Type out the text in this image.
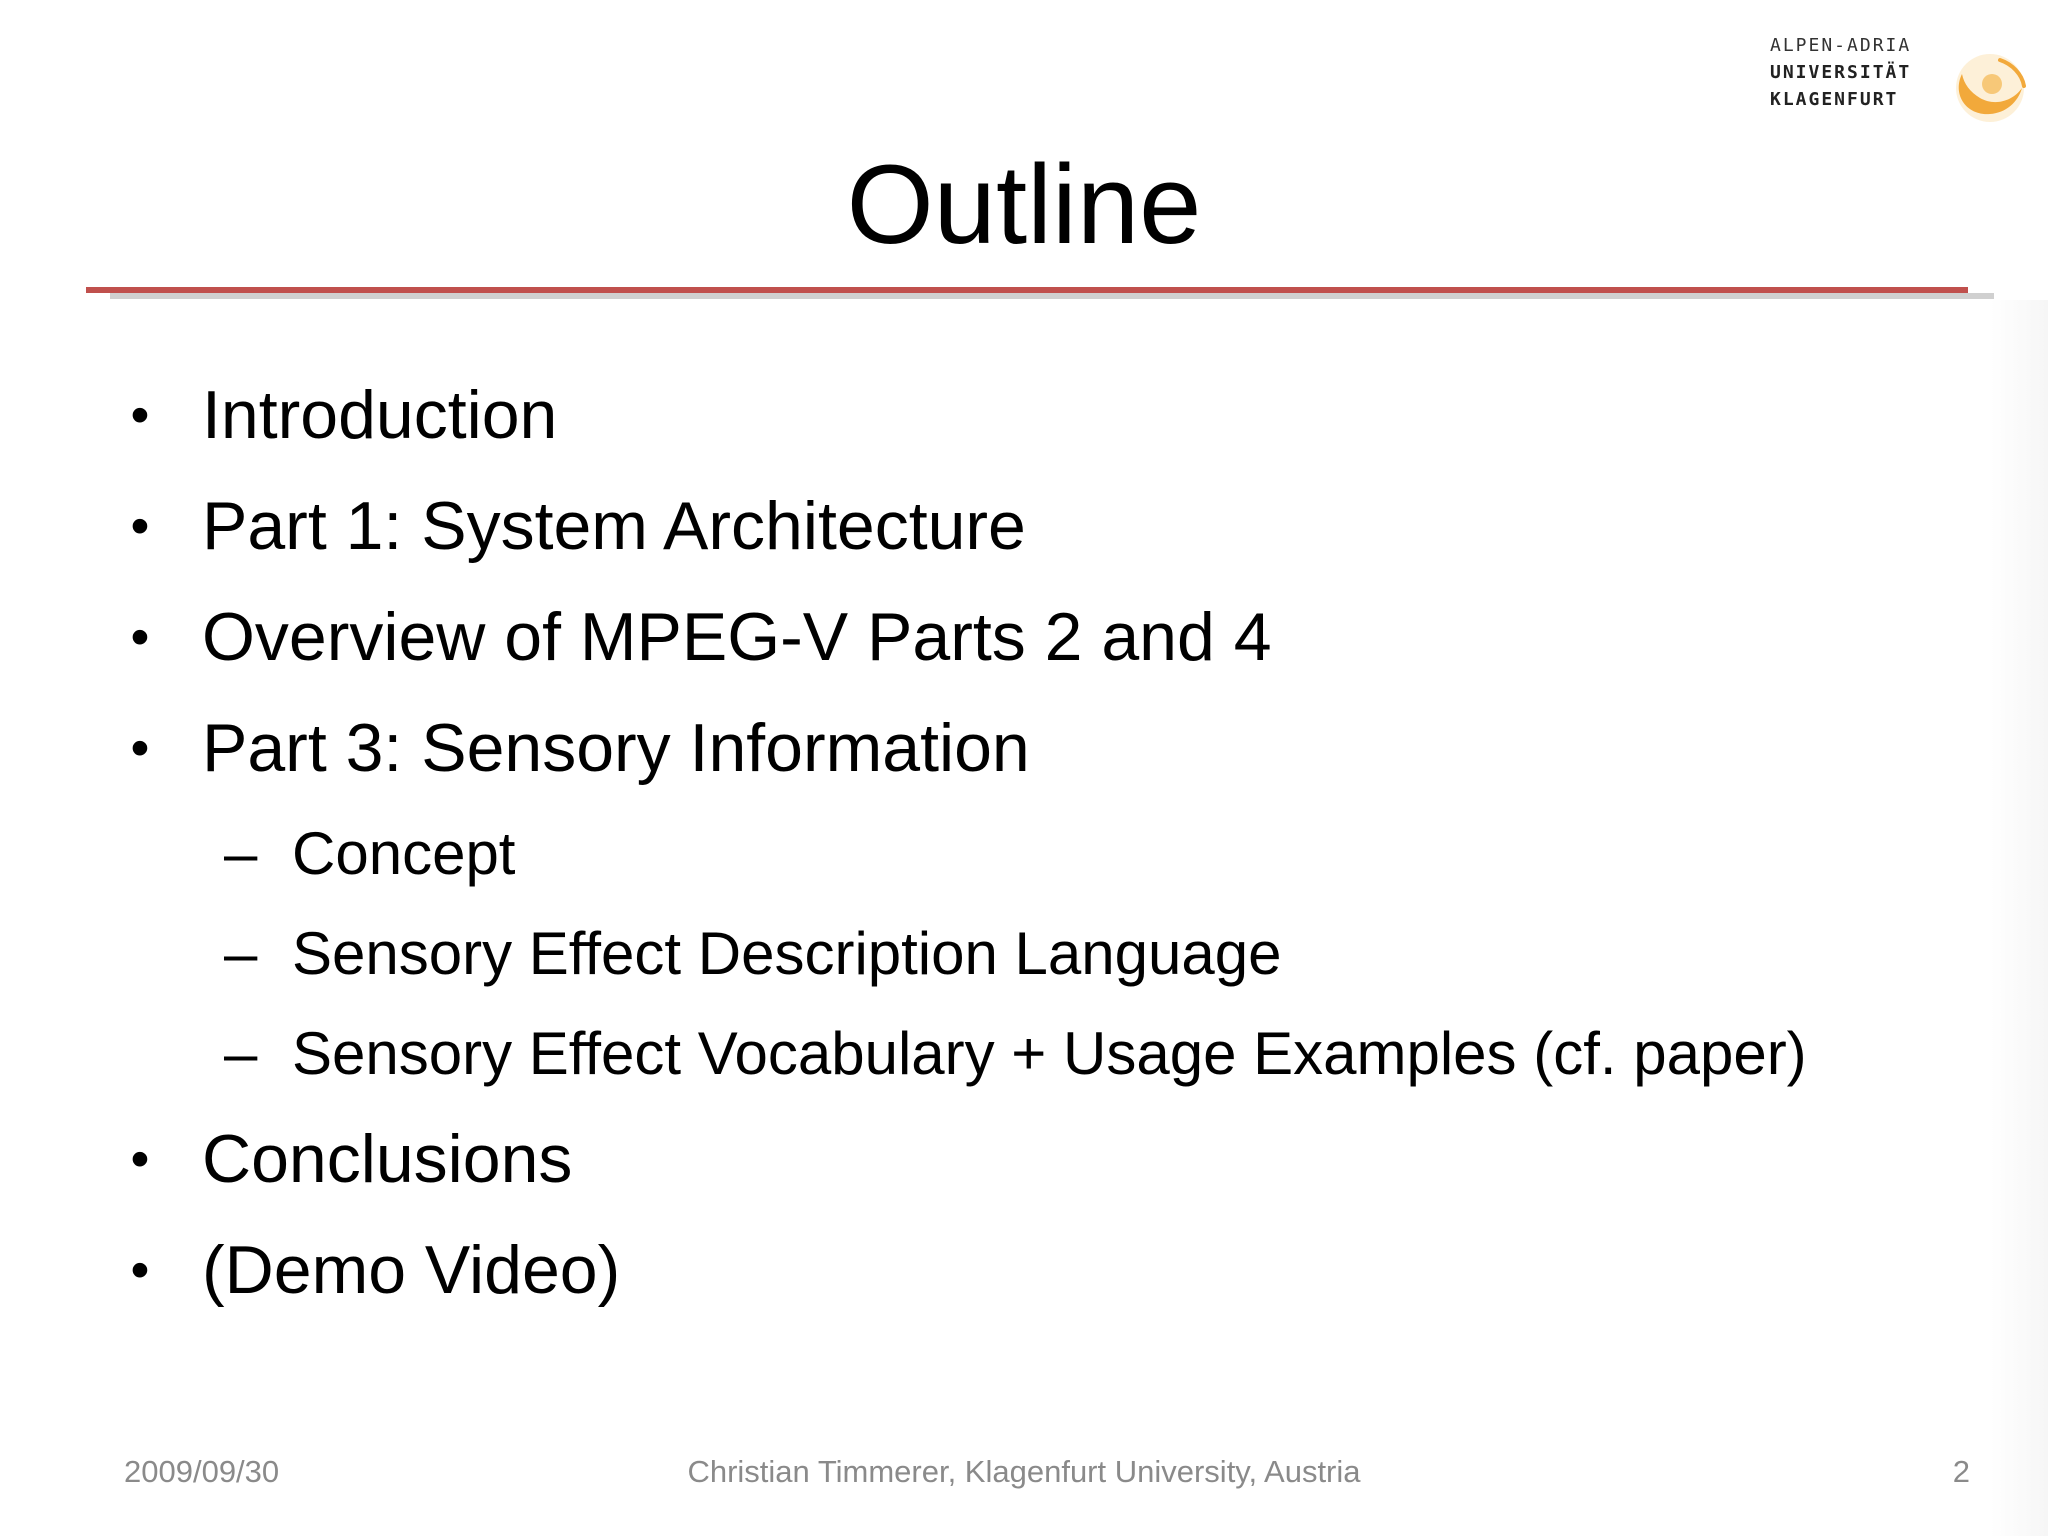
ALPEN-ADRIA
UNIVERSITÄT
KLAGENFURT
Outline
• Introduction
• Part 1: System Architecture
• Overview of MPEG-V Parts 2 and 4
• Part 3: Sensory Information
– Concept
– Sensory Effect Description Language
– Sensory Effect Vocabulary + Usage Examples (cf. paper)
• Conclusions
• (Demo Video)
2009/09/30	Christian Timmerer, Klagenfurt University, Austria	2
